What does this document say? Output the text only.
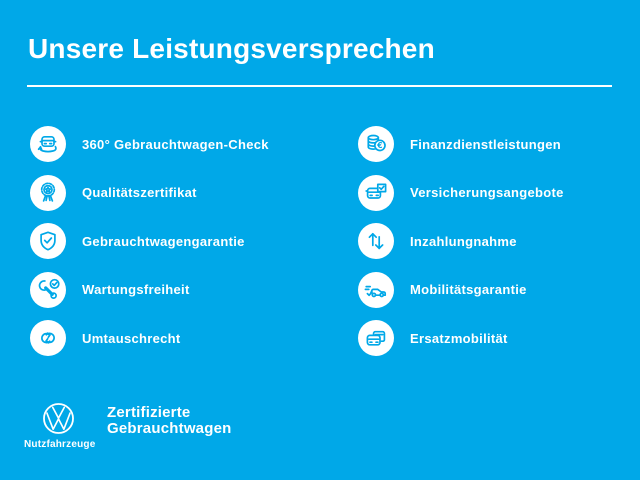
Unsere Leistungsversprechen
360° Gebrauchtwagen-Check
Qualitätszertifikat
Gebrauchtwagengarantie
Wartungsfreiheit
Umtauschrecht
€ Finanzdienstleistungen
Versicherungsangebote
Inzahlungnahme
Mobilitätsgarantie
Ersatzmobilität
Nutzfahrzeuge
Zertifizierte
Gebrauchtwagen
